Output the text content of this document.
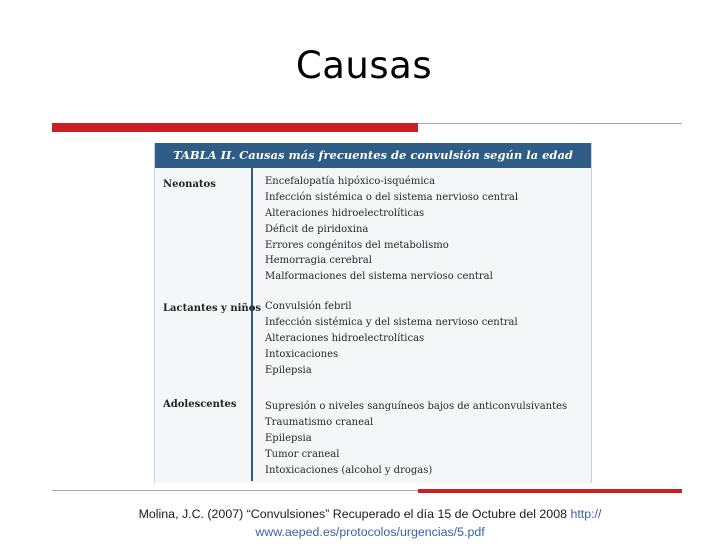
Causas
TABLA II. Causas más frecuentes de convulsión según la edad
Neonatos	Encefalopatía hipóxico-isquémica
Infección sistémica o del sistema nervioso central
Alteraciones hidroelectrolíticas
Déficit de piridoxina
Errores congénitos del metabolismo
Hemorragia cerebral
Malformaciones del sistema nervioso central
Lactantes y niños Convulsión febril
Infección sistémica y del sistema nervioso central
Alteraciones hidroelectrolíticas
Intoxicaciones
Epilepsia
Adolescentes	Supresión o niveles sanguíneos bajos de anticonvulsivantes
Traumatismo craneal
Epilepsia
Tumor craneal
Intoxicaciones (alcohol y drogas)
Molina, J.C. (2007) “Convulsiones” Recuperado el día 15 de Octubre del 2008 http://
www.aeped.es/protocolos/urgencias/5.pdf
